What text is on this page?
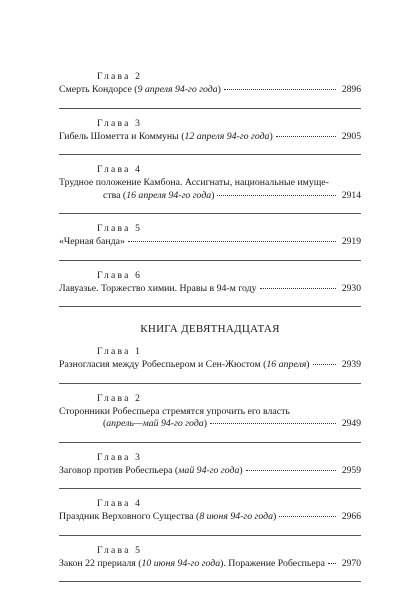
Глава 2
Смерть Кондорсе (9 апреля 94-го года)	2896
Глава 3
Гибель Шометта и Коммуны (12 апреля 94-го года)	2905
Глава 4
Трудное положение Камбона. Ассигнаты, национальные имуще-
ства (16 апреля 94-го года)	2914
Глава 5
«Черная банда»	2919
Глава 6
Лавуазье. Торжество химии. Нравы в 94-м году	2930
КНИГА ДЕВЯТНАДЦАТАЯ
Глава 1
Разногласия между Робеспьером и Сен-Жюстом (16 апреля)	2939
Глава 2
Сторонники Робеспьера стремятся упрочить его власть
(апрель—май 94-го года)	2949
Глава 3
Заговор против Робеспьера (май 94-го года)	2959
Глава 4
Праздник Верховного Существа (8 июня 94-го года)	2966
Глава 5
Закон 22 прериаля (10 июня 94-го года). Поражение Робеспьера 2970
